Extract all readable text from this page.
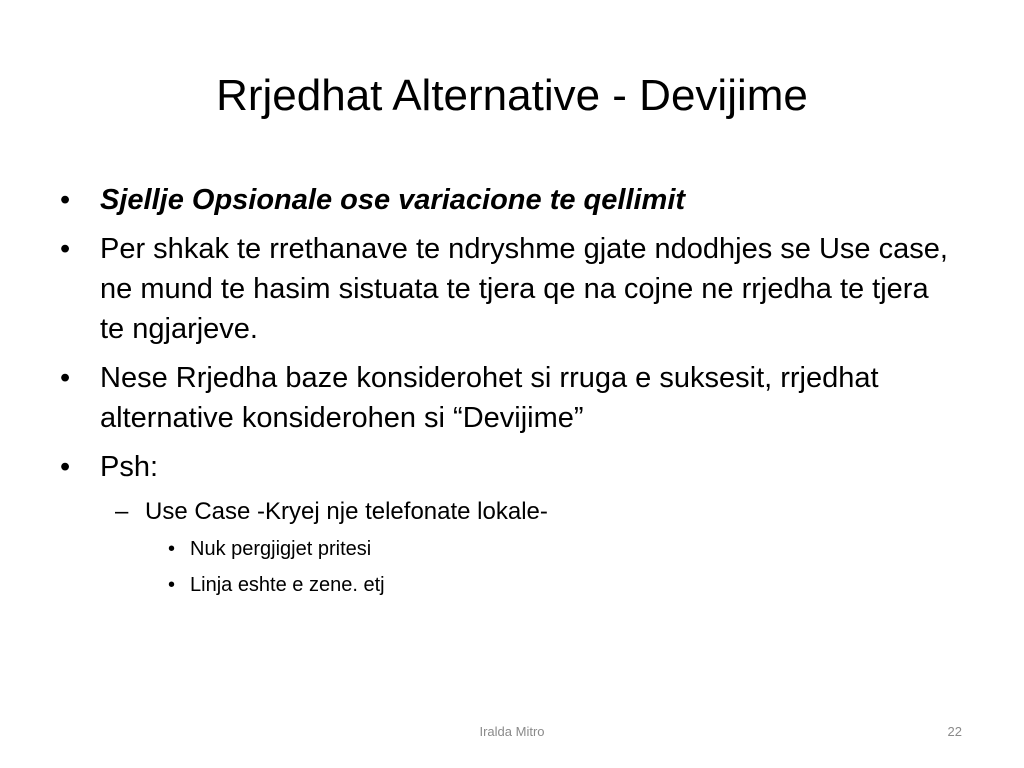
Rrjedhat Alternative - Devijime
•	Sjellje Opsionale ose variacione te qellimit
•	Per shkak te rrethanave te ndryshme gjate ndodhjes se Use case, ne mund te hasim sistuata te tjera qe na cojne ne rrjedha te tjera te ngjarjeve.
•	Nese Rrjedha baze konsiderohet si rruga e suksesit, rrjedhat alternative konsiderohen si “Devijime”
•	Psh:
– Use Case -Kryej nje telefonate lokale-
• Nuk pergjigjet pritesi
• Linja eshte e zene. etj
Iralda Mitro	22
